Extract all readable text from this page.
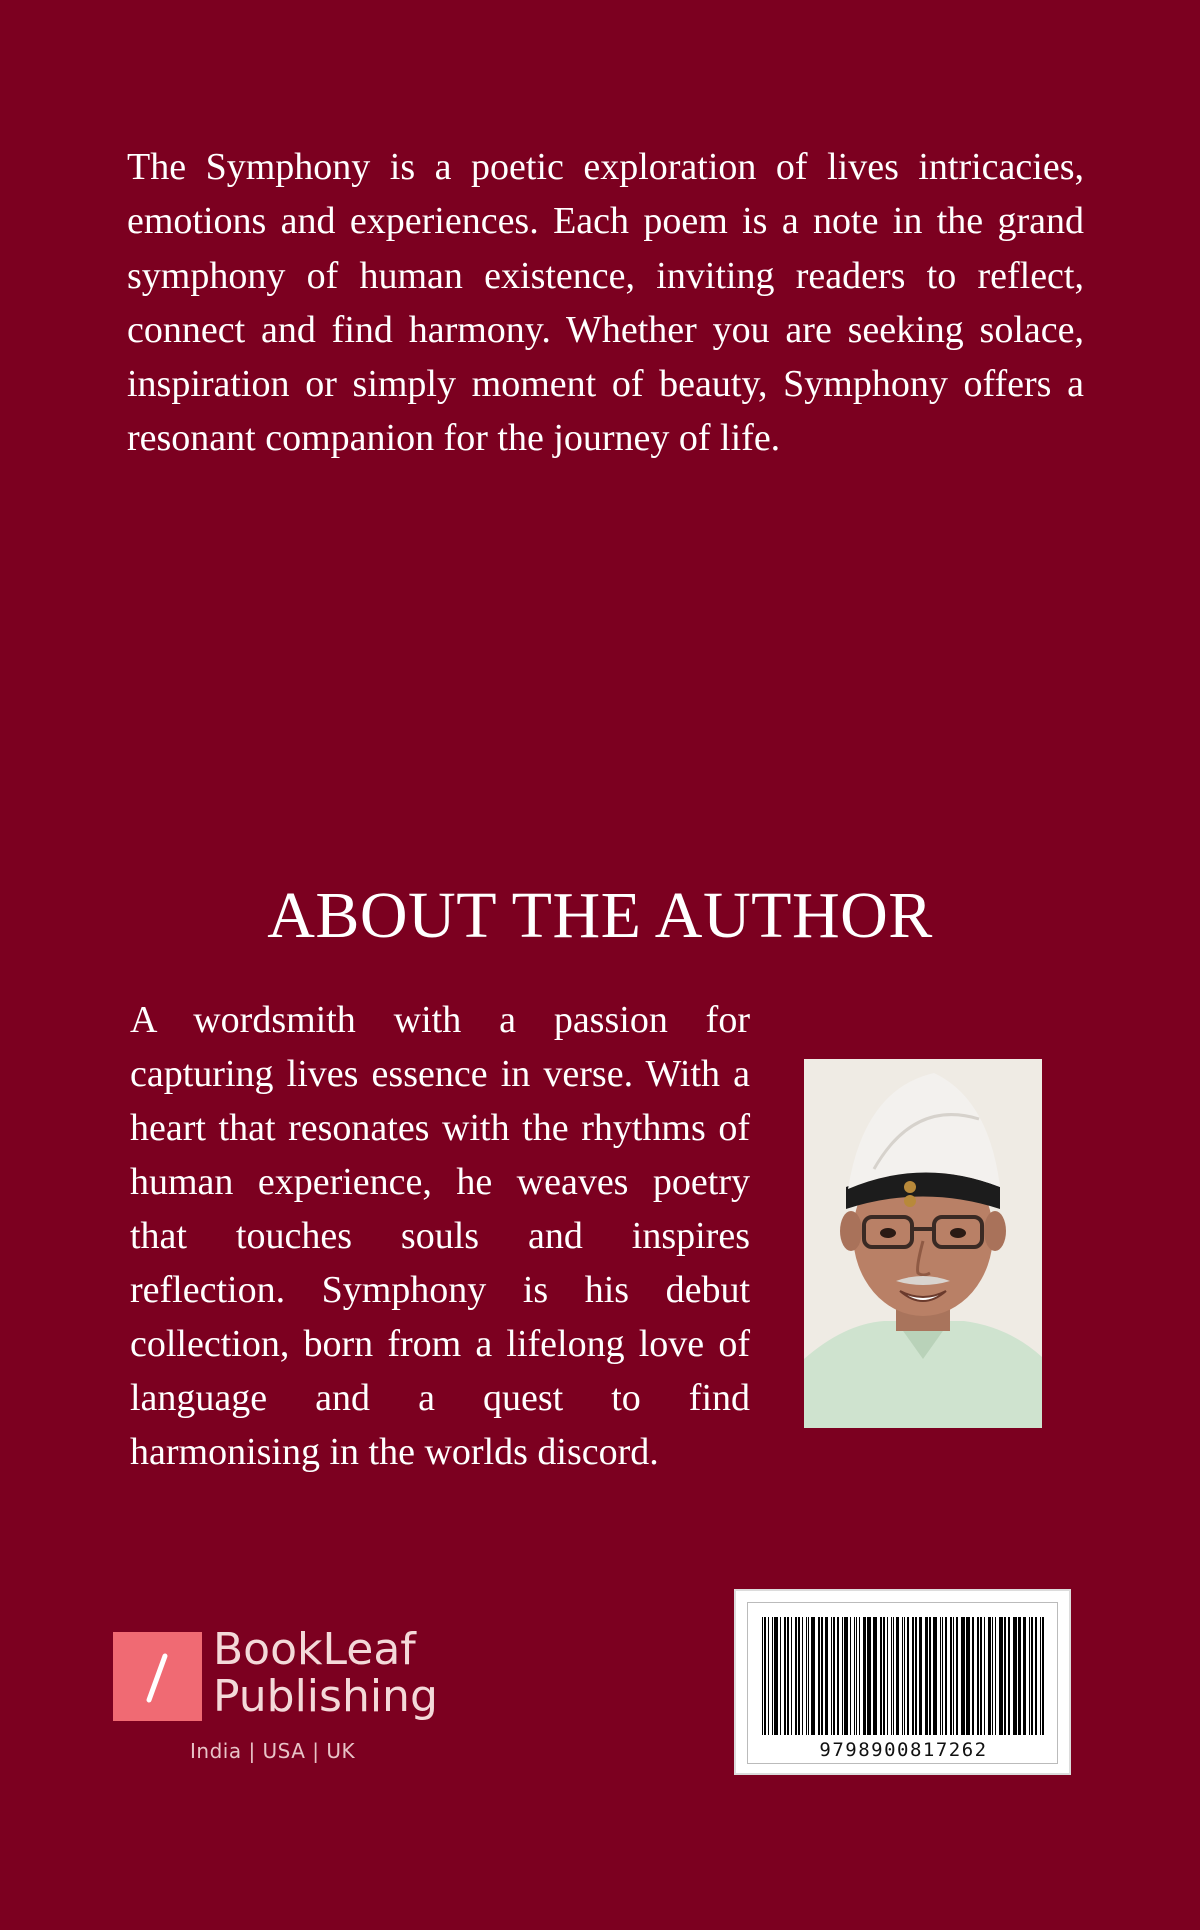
The Symphony is a poetic exploration of lives intricacies, emotions and experiences. Each poem is a note in the grand symphony of human existence, inviting readers to reflect, connect and find harmony. Whether you are seeking solace, inspiration or simply moment of beauty, Symphony offers a resonant companion for the journey of life.

ABOUT THE AUTHOR

A wordsmith with a passion for capturing lives essence in verse. With a heart that resonates with the rhythms of human experience, he weaves poetry that touches souls and inspires reflection. Symphony is his debut collection, born from a lifelong love of language and a quest to find harmonising in the worlds discord.

BookLeaf
Publishing
India | USA | UK	9798900817262
